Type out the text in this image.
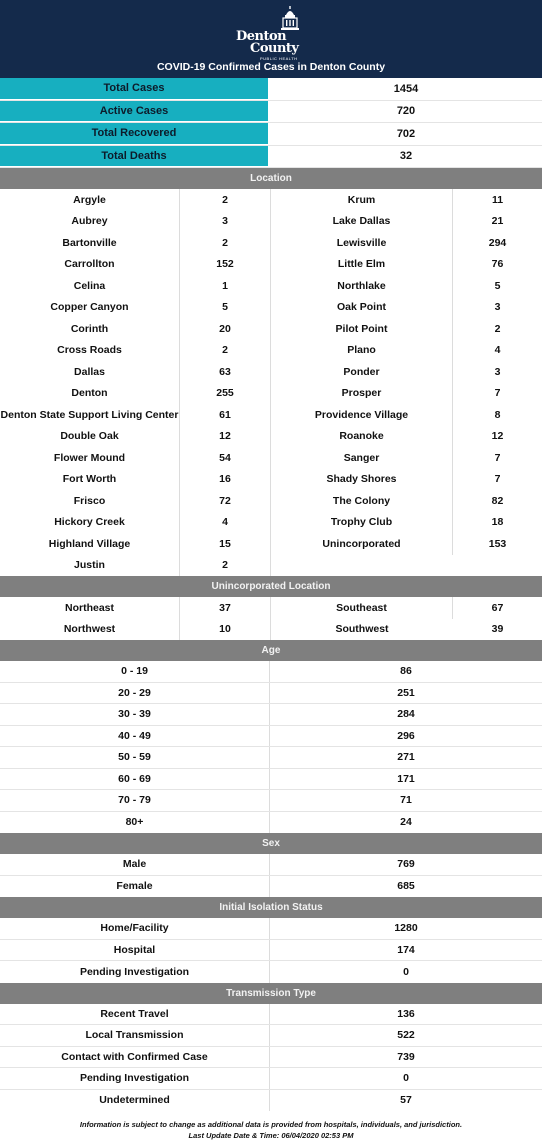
Denton
County
PUBLIC HEALTH
COVID-19 Confirmed Cases in Denton County
Total Cases	1454
Active Cases	720
Total Recovered	702
Total Deaths	32
Location
Argyle	2	Krum	11
Aubrey	3	Lake Dallas	21
Bartonville	2	Lewisville	294
Carrollton	152	Little Elm	76
Celina	1	Northlake	5
Copper Canyon	5	Oak Point	3
Corinth	20	Pilot Point	2
Cross Roads	2	Plano	4
Dallas	63	Ponder	3
Denton	255	Prosper	7
Denton State Support Living Center	61	Providence Village	8
Double Oak	12	Roanoke	12
Flower Mound	54	Sanger	7
Fort Worth	16	Shady Shores	7
Frisco	72	The Colony	82
Hickory Creek	4	Trophy Club	18
Highland Village	15	Unincorporated	153
Justin	2
Unincorporated Location
Northeast	37	Southeast	67
Northwest	10	Southwest	39
Age
0 - 19	86
20 - 29	251
30 - 39	284
40 - 49	296
50 - 59	271
60 - 69	171
70 - 79	71
80+	24
Sex
Male	769
Female	685
Initial Isolation Status
Home/Facility	1280
Hospital	174
Pending Investigation	0
Transmission Type
Recent Travel	136
Local Transmission	522
Contact with Confirmed Case	739
Pending Investigation	0
Undetermined	57
Information is subject to change as additional data is provided from hospitals, individuals, and jurisdiction.
Last Update Date & Time: 06/04/2020 02:53 PM
